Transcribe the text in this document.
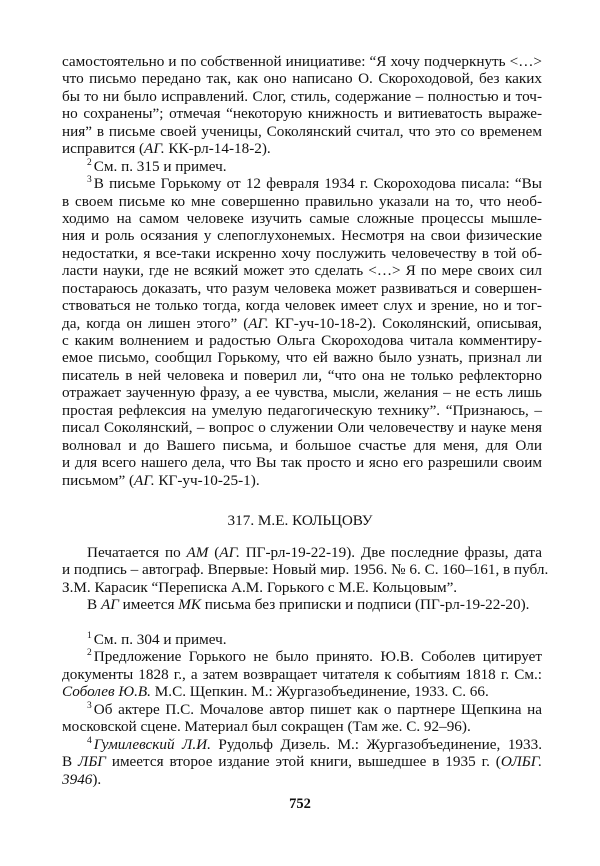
самостоятельно и по собственной инициативе: “Я хочу подчеркнуть <…>
что письмо передано так, как оно написано О. Скороходовой, без каких
бы то ни было исправлений. Слог, стиль, содержание – полностью и точ-
но сохранены”; отмечая “некоторую книжность и витиеватость выраже-
ния” в письме своей ученицы, Соколянский считал, что это со временем
исправится (АГ. КК-рл-14-18-2).
$^2$ См. п. 315 и примеч.
$^3$ В письме Горькому от 12 февраля 1934 г. Скороходова писала: “Вы
в своем письме ко мне совершенно правильно указали на то, что необ-
ходимо на самом человеке изучить самые сложные процессы мышле-
ния и роль осязания у слепоглухонемых. Несмотря на свои физические
недостатки, я все-таки искренно хочу послужить человечеству в той об-
ласти науки, где не всякий может это сделать <…> Я по мере своих сил
постараюсь доказать, что разум человека может развиваться и совершен-
ствоваться не только тогда, когда человек имеет слух и зрение, но и тог-
да, когда он лишен этого” (АГ. КГ-уч-10-18-2). Соколянский, описывая,
с каким волнением и радостью Ольга Скороходова читала комментиру-
емое письмо, сообщил Горькому, что ей важно было узнать, признал ли
писатель в ней человека и поверил ли, “что она не только рефлекторно
отражает заученную фразу, а ее чувства, мысли, желания – не есть лишь
простая рефлексия на умелую педагогическую технику”. “Признаюсь, –
писал Соколянский, – вопрос о служении Оли человечеству и науке меня
волновал и до Вашего письма, и большое счастье для меня, для Оли
и для всего нашего дела, что Вы так просто и ясно его разрешили своим
письмом” (АГ. КГ-уч-10-25-1).
317. М.Е. КОЛЬЦОВУ
Печатается по АМ (АГ. ПГ-рл-19-22-19). Две последние фразы, дата
и подпись – автограф. Впервые: Новый мир. 1956. № 6. С. 160–161, в публ.
З.М. Карасик “Переписка А.М. Горького с М.Е. Кольцовым”.
В АГ имеется МК письма без приписки и подписи (ПГ-рл-19-22-20).
$^1$ См. п. 304 и примеч.
$^2$ Предложение Горького не было принято. Ю.В. Соболев цитирует
документы 1828 г., а затем возвращает читателя к событиям 1818 г. См.:
Соболев Ю.В. М.С. Щепкин. М.: Жургазобъединение, 1933. С. 66.
$^3$ Об актере П.С. Мочалове автор пишет как о партнере Щепкина на
московской сцене. Материал был сокращен (Там же. С. 92–96).
$^4$ Гумилевский Л.И. Рудольф Дизель. М.: Жургазобъединение, 1933.
В ЛБГ имеется второе издание этой книги, вышедшее в 1935 г. (ОЛБГ.
3946).
752
